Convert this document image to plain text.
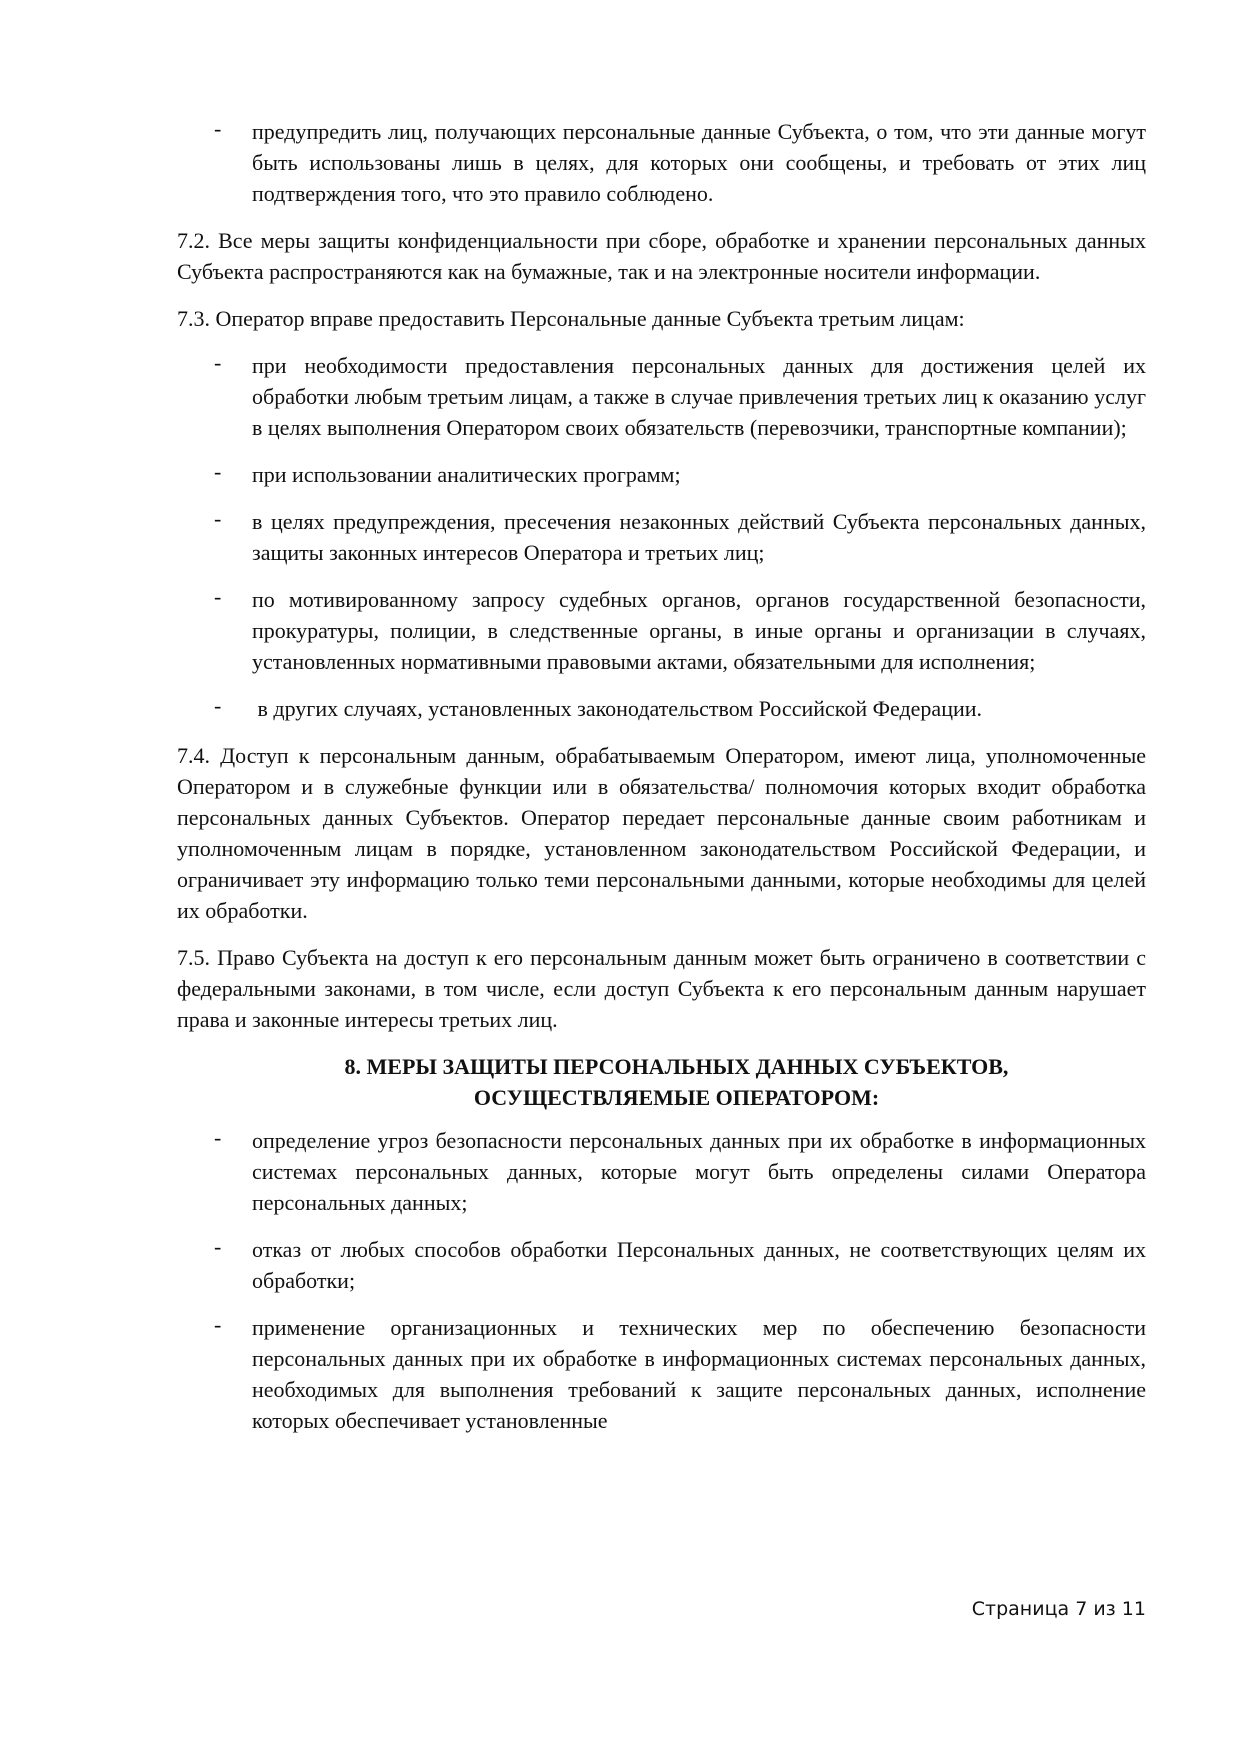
- предупредить лиц, получающих персональные данные Субъекта, о том, что эти данные могут быть использованы лишь в целях, для которых они сообщены, и требовать от этих лиц подтверждения того, что это правило соблюдено.

7.2. Все меры защиты конфиденциальности при сборе, обработке и хранении персональных данных Субъекта распространяются как на бумажные, так и на электронные носители информации.

7.3. Оператор вправе предоставить Персональные данные Субъекта третьим лицам:

- при необходимости предоставления персональных данных для достижения целей их обработки любым третьим лицам, а также в случае привлечения третьих лиц к оказанию услуг в целях выполнения Оператором своих обязательств (перевозчики, транспортные компании);
- при использовании аналитических программ;
- в целях предупреждения, пресечения незаконных действий Субъекта персональных данных, защиты законных интересов Оператора и третьих лиц;
- по мотивированному запросу судебных органов, органов государственной безопасности, прокуратуры, полиции, в следственные органы, в иные органы и организации в случаях, установленных нормативными правовыми актами, обязательными для исполнения;
- в других случаях, установленных законодательством Российской Федерации.

7.4. Доступ к персональным данным, обрабатываемым Оператором, имеют лица, уполномоченные Оператором и в служебные функции или в обязательства/ полномочия которых входит обработка персональных данных Субъектов. Оператор передает персональные данные своим работникам и уполномоченным лицам в порядке, установленном законодательством Российской Федерации, и ограничивает эту информацию только теми персональными данными, которые необходимы для целей их обработки.

7.5. Право Субъекта на доступ к его персональным данным может быть ограничено в соответствии с федеральными законами, в том числе, если доступ Субъекта к его персональным данным нарушает права и законные интересы третьих лиц.

8. МЕРЫ ЗАЩИТЫ ПЕРСОНАЛЬНЫХ ДАННЫХ СУБЪЕКТОВ,
ОСУЩЕСТВЛЯЕМЫЕ ОПЕРАТОРОМ:
- определение угроз безопасности персональных данных при их обработке в информационных системах персональных данных, которые могут быть определены силами Оператора персональных данных;
- отказ от любых способов обработки Персональных данных, не соответствующих целям их обработки;
- применение организационных и технических мер по обеспечению безопасности персональных данных при их обработке в информационных системах персональных данных, необходимых для выполнения требований к защите персональных данных, исполнение которых обеспечивает установленные
Страница 7 из 11
